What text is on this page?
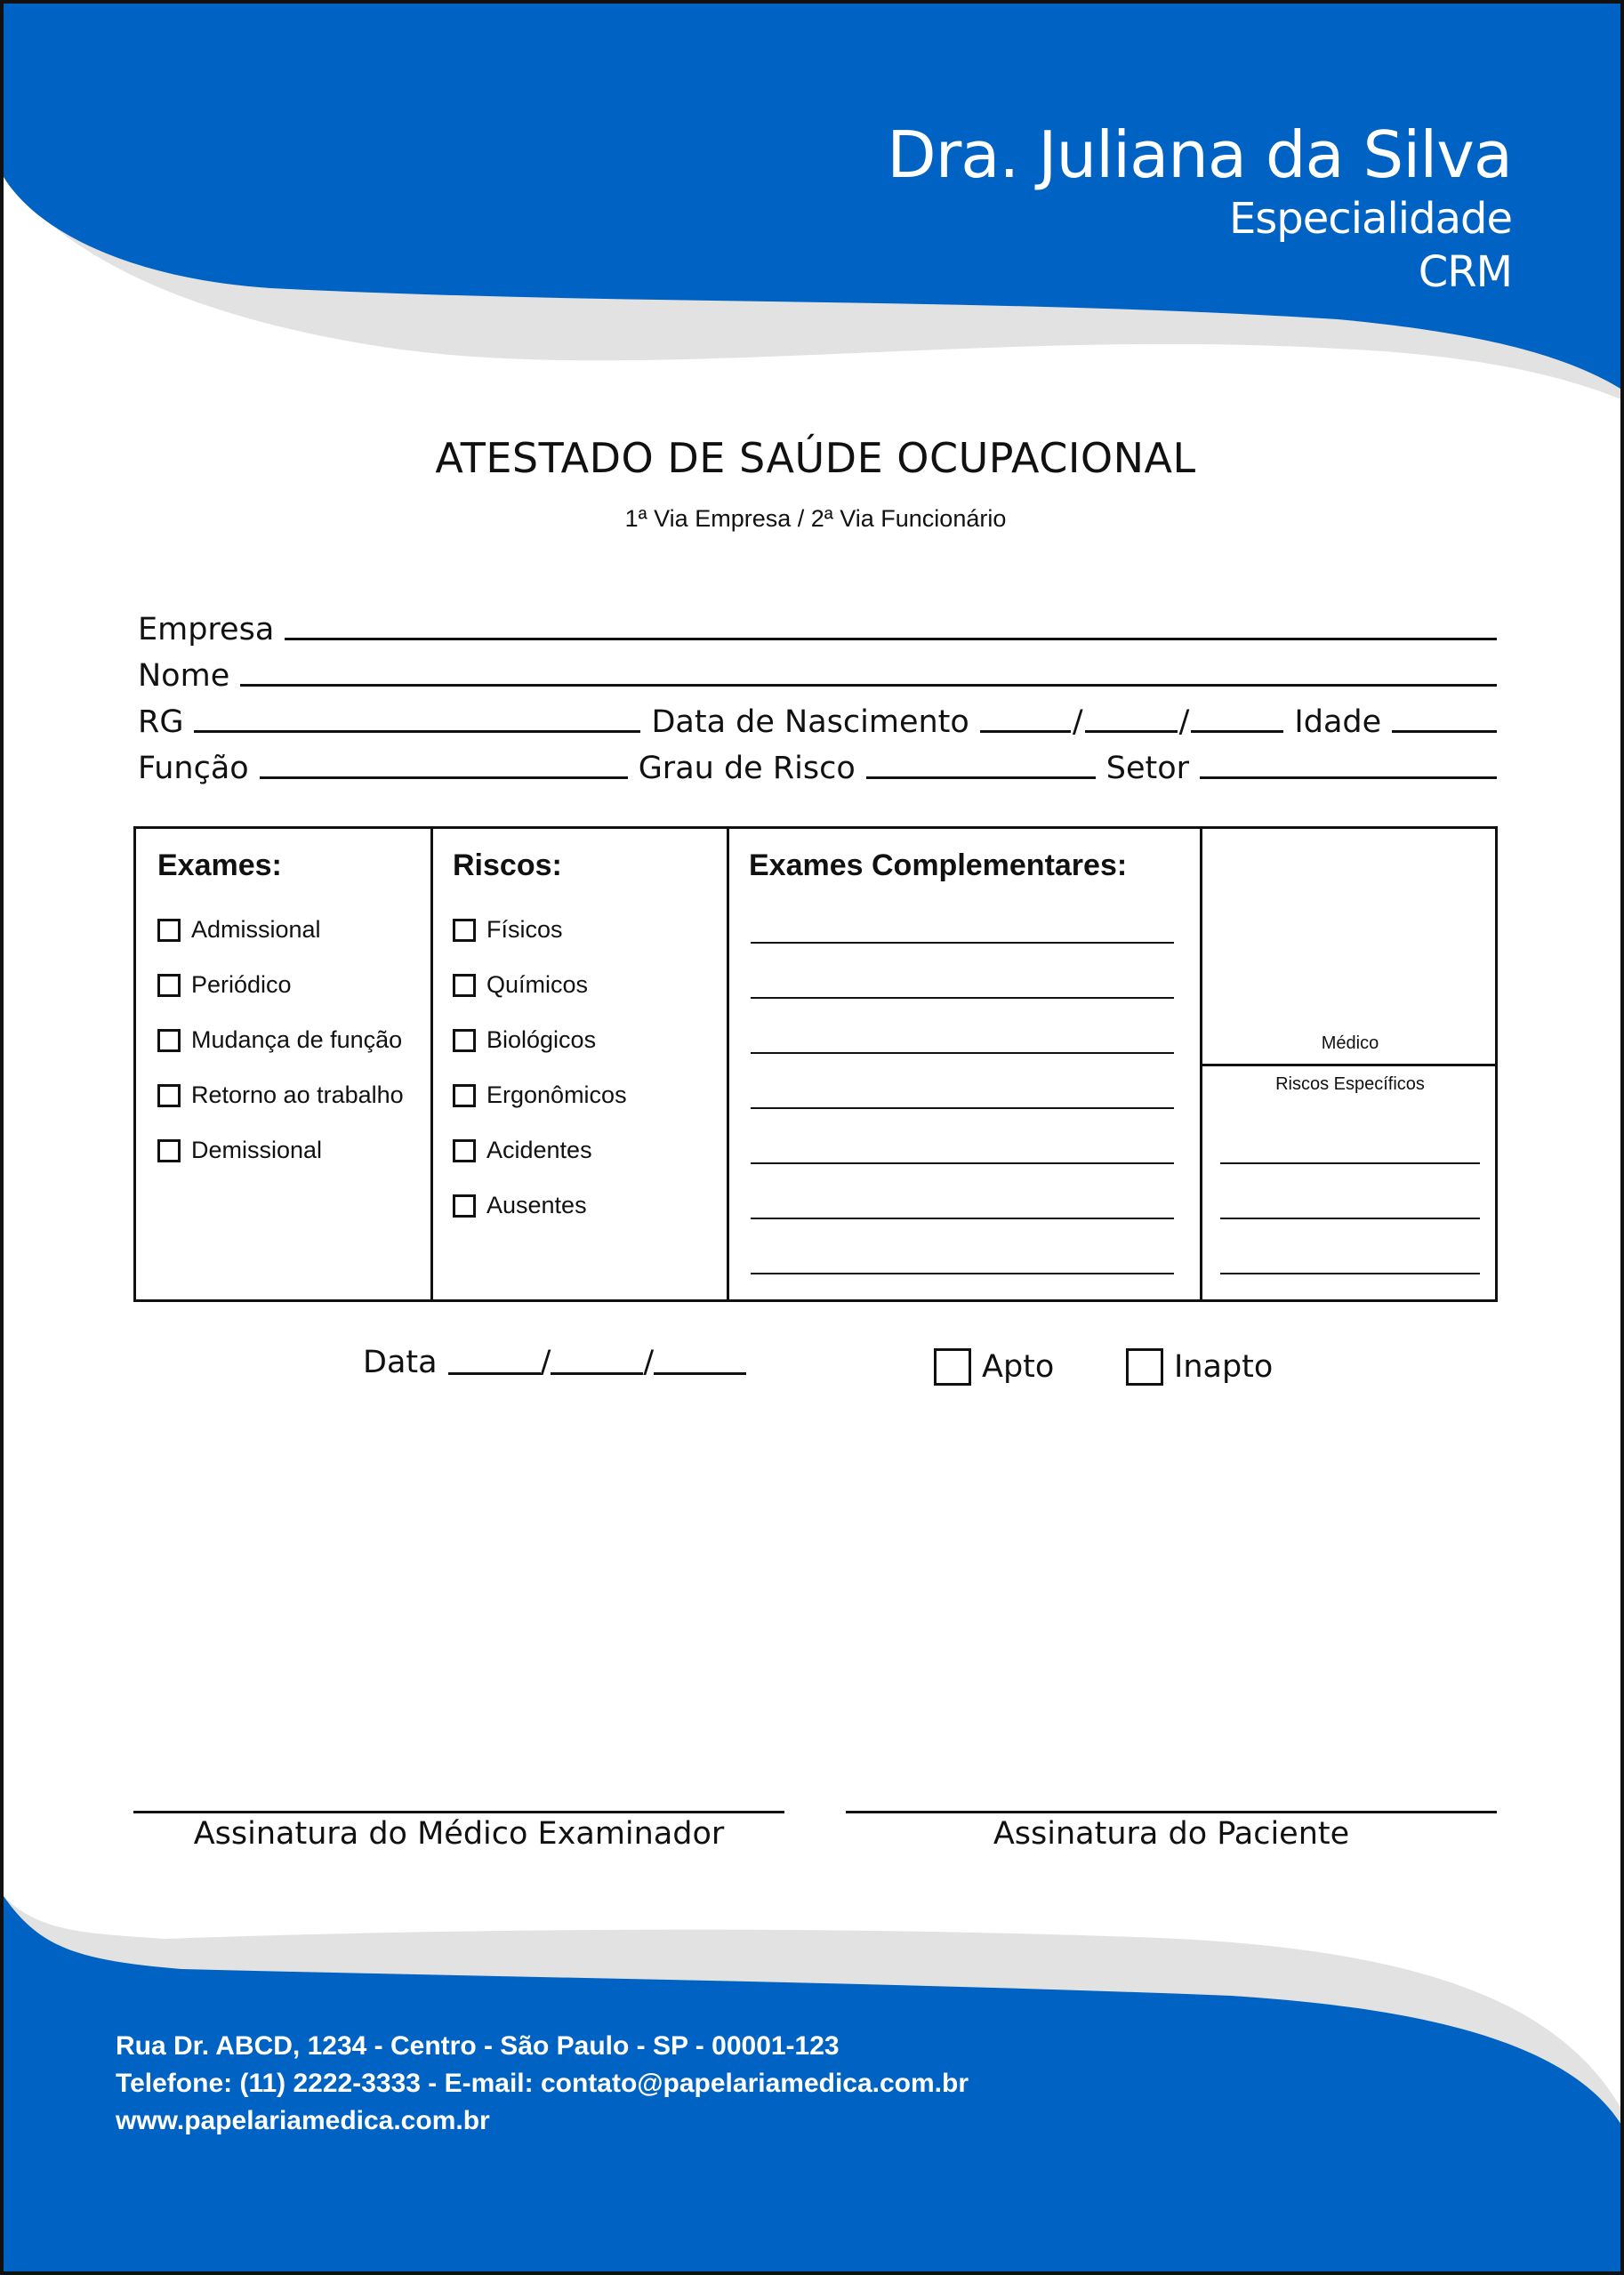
Dra. Juliana da Silva
Especialidade
CRM
ATESTADO DE SAÚDE OCUPACIONAL
1ª Via Empresa / 2ª Via Funcionário
Empresa
Nome
RG	Data de Nascimento	/	/	Idade
Função	Grau de Risco	Setor
Exames:
Admissional
Periódico
Mudança de função
Retorno ao trabalho
Demissional
Riscos:
Físicos
Químicos
Biológicos
Ergonômicos
Acidentes
Ausentes
Exames Complementares:
Médico
Riscos Específicos
Data	/	/	Apto	Inapto
Assinatura do Médico Examinador	Assinatura do Paciente
Rua Dr. ABCD, 1234 - Centro - São Paulo - SP - 00001-123
Telefone: (11) 2222-3333 - E-mail: contato@papelariamedica.com.br
www.papelariamedica.com.br
